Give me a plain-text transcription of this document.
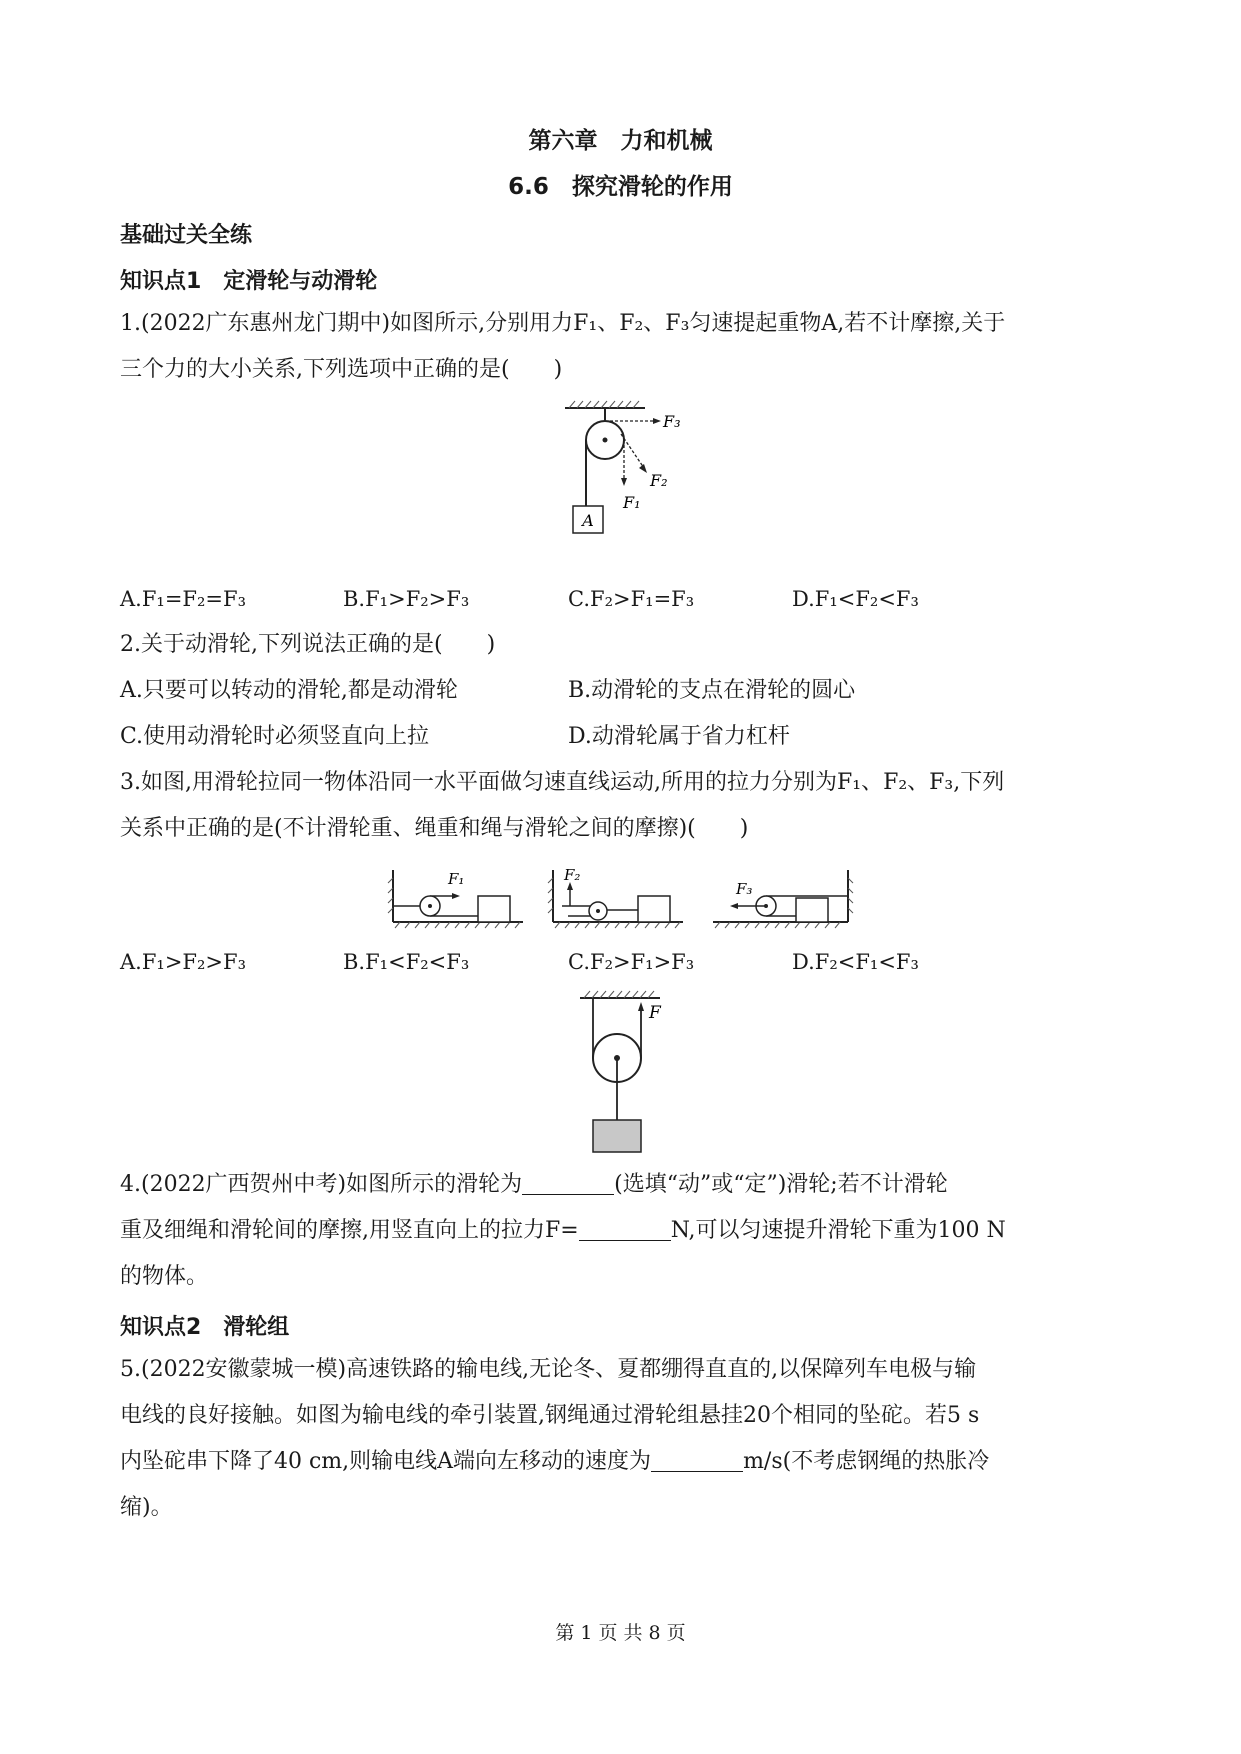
第六章　力和机械
6.6　探究滑轮的作用
基础过关全练
知识点1　定滑轮与动滑轮
1.(2022广东惠州龙门期中)如图所示,分别用力F₁、F₂、F₃匀速提起重物A,若不计摩擦,关于
三个力的大小关系,下列选项中正确的是(　　)
A
F₁
F₂
F₃
A.F₁=F₂=F₃	B.F₁>F₂>F₃	C.F₂>F₁=F₃	D.F₁<F₂<F₃
2.关于动滑轮,下列说法正确的是(　　)
A.只要可以转动的滑轮,都是动滑轮	B.动滑轮的支点在滑轮的圆心
C.使用动滑轮时必须竖直向上拉	D.动滑轮属于省力杠杆
3.如图,用滑轮拉同一物体沿同一水平面做匀速直线运动,所用的拉力分别为F₁、F₂、F₃,下列
关系中正确的是(不计滑轮重、绳重和绳与滑轮之间的摩擦)(　　)
F₁	F₂
F₃
A.F₁>F₂>F₃	B.F₁<F₂<F₃	C.F₂>F₁>F₃	D.F₂<F₁<F₃
F
4.(2022广西贺州中考)如图所示的滑轮为	(选填“动”或“定”)滑轮;若不计滑轮
重及细绳和滑轮间的摩擦,用竖直向上的拉力F=	N,可以匀速提升滑轮下重为100 N
的物体。
知识点2　滑轮组
5.(2022安徽蒙城一模)高速铁路的输电线,无论冬、夏都绷得直直的,以保障列车电极与输
电线的良好接触。如图为输电线的牵引装置,钢绳通过滑轮组悬挂20个相同的坠砣。若5 s
内坠砣串下降了40 cm,则输电线A端向左移动的速度为	m/s(不考虑钢绳的热胀冷
缩)。
第 1 页 共 8 页
